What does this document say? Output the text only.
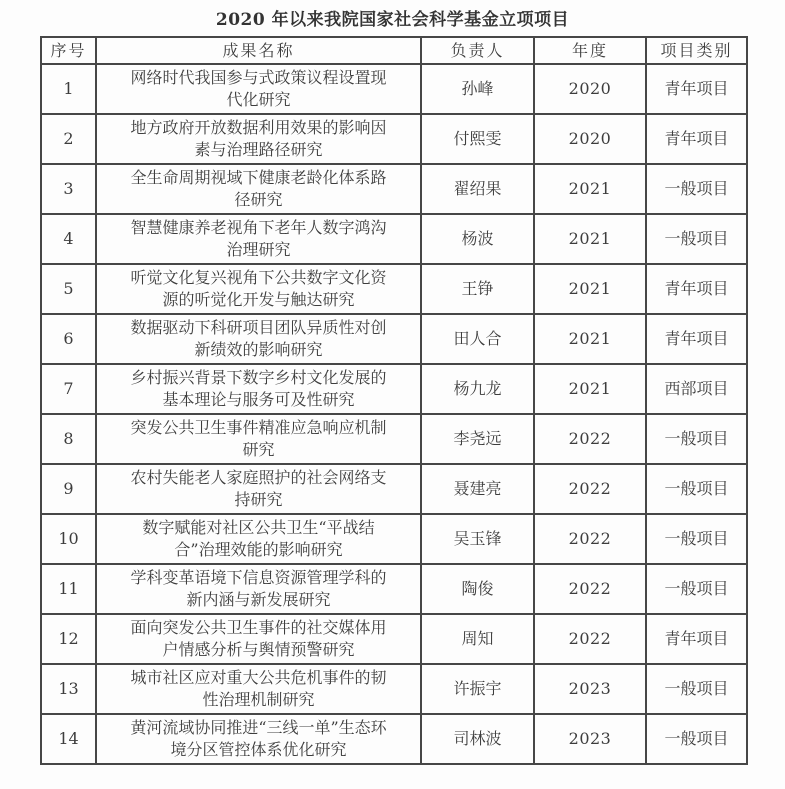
2020 年以来我院国家社会科学基金立项项目
序号	成果名称	负责人	年度	项目类别
1	网络时代我国参与式政策议程设置现代化研究	孙峰	2020	青年项目
2	地方政府开放数据利用效果的影响因素与治理路径研究	付熙雯	2020	青年项目
3	全生命周期视域下健康老龄化体系路径研究	翟绍果	2021	一般项目
4	智慧健康养老视角下老年人数字鸿沟治理研究	杨波	2021	一般项目
5	听觉文化复兴视角下公共数字文化资源的听觉化开发与触达研究	王铮	2021	青年项目
6	数据驱动下科研项目团队异质性对创新绩效的影响研究	田人合	2021	青年项目
7	乡村振兴背景下数字乡村文化发展的基本理论与服务可及性研究	杨九龙	2021	西部项目
8	突发公共卫生事件精准应急响应机制研究	李尧远	2022	一般项目
9	农村失能老人家庭照护的社会网络支持研究	聂建亮	2022	一般项目
10	数字赋能对社区公共卫生“平战结合”治理效能的影响研究	吴玉锋	2022	一般项目
11	学科变革语境下信息资源管理学科的新内涵与新发展研究	陶俊	2022	一般项目
12	面向突发公共卫生事件的社交媒体用户情感分析与舆情预警研究	周知	2022	青年项目
13	城市社区应对重大公共危机事件的韧性治理机制研究	许振宇	2023	一般项目
14	黄河流域协同推进“三线一单”生态环境分区管控体系优化研究	司林波	2023	一般项目
